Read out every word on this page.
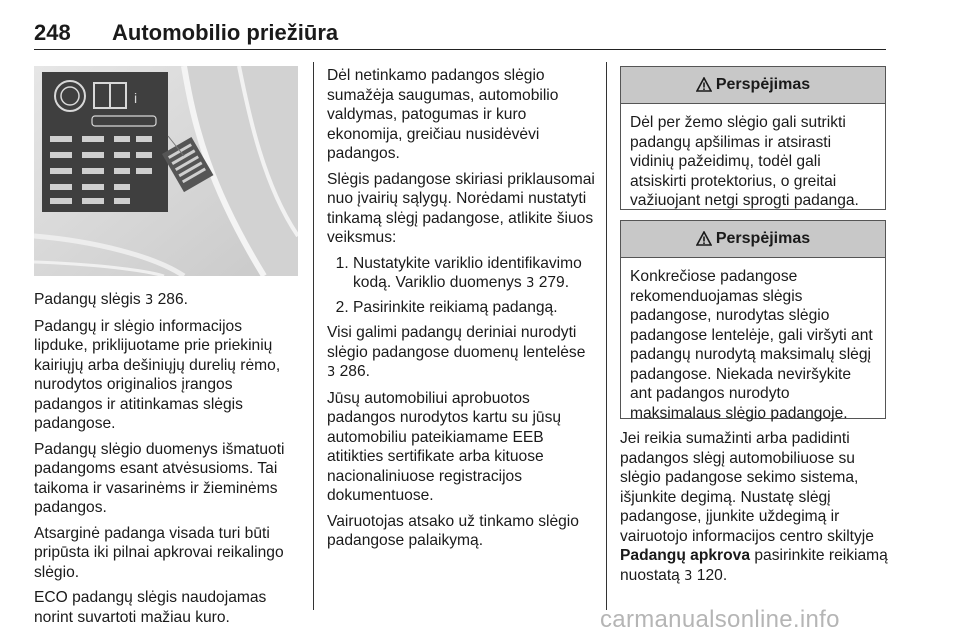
248 Automobilio priežiūra
i

Padangų slėgis 3 286.

Padangų ir slėgio informacijos lipduke, priklijuotame prie priekinių kairiųjų arba dešiniųjų durelių rėmo, nurodytos originalios įrangos padangos ir atitinkamas slėgis padangose.

Padangų slėgio duomenys išmatuoti padangoms esant atvėsusioms. Tai taikoma ir vasarinėms ir žieminėms padangos.

Atsarginė padanga visada turi būti pripūsta iki pilnai apkrovai reikalingo slėgio.

ECO padangų slėgis naudojamas norint suvartoti mažiau kuro.

Dėl netinkamo padangos slėgio sumažėja saugumas, automobilio valdymas, patogumas ir kuro ekonomija, greičiau nusidėvėvi padangos.

Slėgis padangose skiriasi priklausomai nuo įvairių sąlygų. Norėdami nustatyti tinkamą slėgį padangose, atlikite šiuos veiksmus:

1. Nustatykite variklio identifikavimo kodą. Variklio duomenys 3 279.
2. Pasirinkite reikiamą padangą.

Visi galimi padangų deriniai nurodyti slėgio padangose duomenų lentelėse 3 286.

Jūsų automobiliui aprobuotos padangos nurodytos kartu su jūsų automobiliu pateikiamame EEB atitikties sertifikate arba kituose nacionaliniuose registracijos dokumentuose.

Vairuotojas atsako už tinkamo slėgio padangose palaikymą.

Perspėjimas
Dėl per žemo slėgio gali sutrikti padangų apšilimas ir atsirasti vidinių pažeidimų, todėl gali atsiskirti protektorius, o greitai važiuojant netgi sprogti padanga.
Perspėjimas
Konkrečiose padangose rekomenduojamas slėgis padangose, nurodytas slėgio padangose lentelėje, gali viršyti ant padangų nurodytą maksimalų slėgį padangose. Niekada neviršykite ant padangos nurodyto maksimalaus slėgio padangoje.

Jei reikia sumažinti arba padidinti padangos slėgį automobiliuose su slėgio padangose sekimo sistema, išjunkite degimą. Nustatę slėgį padangose, įjunkite uždegimą ir vairuotojo informacijos centro skiltyje Padangų apkrova pasirinkite reikiamą nuostatą 3 120.

carmanualsonline.info
